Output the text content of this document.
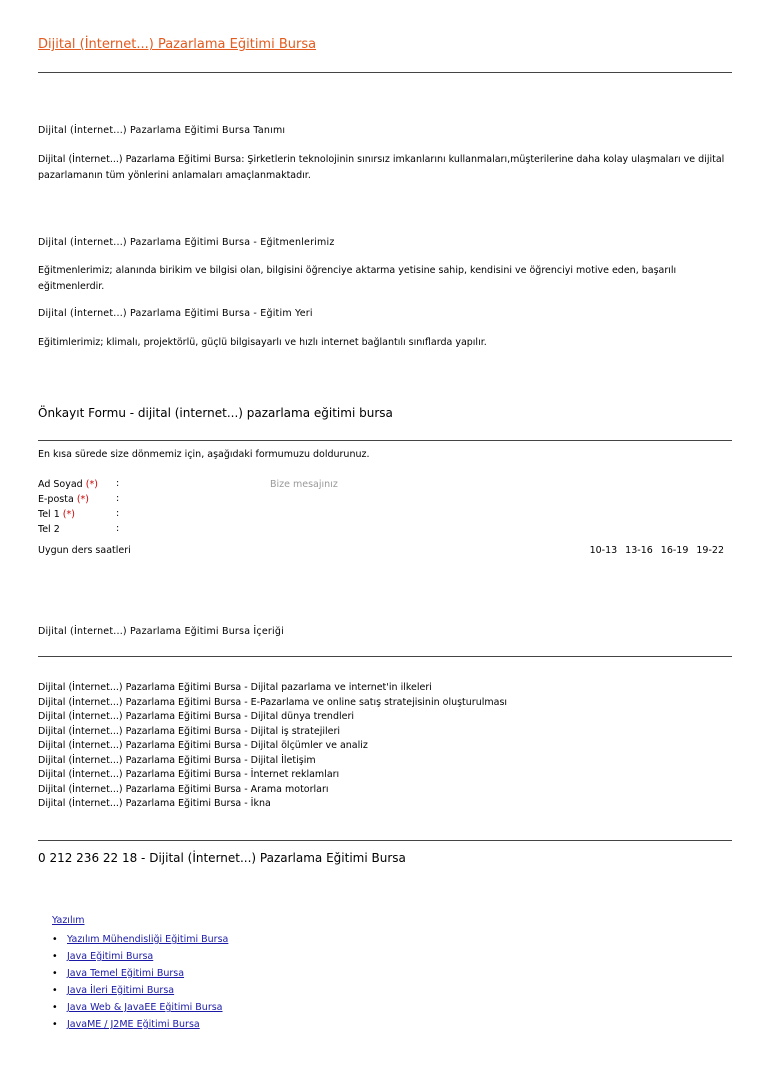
Dijital (İnternet...) Pazarlama Eğitimi Bursa
Dijital (İnternet...) Pazarlama Eğitimi Bursa Tanımı
Dijital (İnternet...) Pazarlama Eğitimi Bursa: Şirketlerin teknolojinin sınırsız imkanlarını kullanmaları,müşterilerine daha kolay ulaşmaları ve dijital pazarlamanın tüm yönlerini anlamaları amaçlanmaktadır.
Dijital (İnternet...) Pazarlama Eğitimi Bursa - Eğitmenlerimiz
Eğitmenlerimiz; alanında birikim ve bilgisi olan, bilgisini öğrenciye aktarma yetisine sahip, kendisini ve öğrenciyi motive eden, başarılı eğitmenlerdir.
Dijital (İnternet...) Pazarlama Eğitimi Bursa - Eğitim Yeri
Eğitimlerimiz; klimalı, projektörlü, güçlü bilgisayarlı ve hızlı internet bağlantılı sınıflarda yapılır.
Önkayıt Formu - dijital (internet...) pazarlama eğitimi bursa
En kısa sürede size dönmemiz için, aşağıdaki formumuzu doldurunuz.
Ad Soyad (*) :
E-posta (*)	:
Tel 1 (*)	:
Tel 2	:
Bize mesajınız
Uygun ders saatleri	10-13 13-16 16-19 19-22
Dijital (İnternet...) Pazarlama Eğitimi Bursa İçeriği
Dijital (İnternet...) Pazarlama Eğitimi Bursa - Dijital pazarlama ve internet'in ilkeleri
Dijital (İnternet...) Pazarlama Eğitimi Bursa - E-Pazarlama ve online satış stratejisinin oluşturulması
Dijital (İnternet...) Pazarlama Eğitimi Bursa - Dijital dünya trendleri
Dijital (İnternet...) Pazarlama Eğitimi Bursa - Dijital iş stratejileri
Dijital (İnternet...) Pazarlama Eğitimi Bursa - Dijital ölçümler ve analiz
Dijital (İnternet...) Pazarlama Eğitimi Bursa - Dijital İletişim
Dijital (İnternet...) Pazarlama Eğitimi Bursa - İnternet reklamları
Dijital (İnternet...) Pazarlama Eğitimi Bursa - Arama motorları
Dijital (İnternet...) Pazarlama Eğitimi Bursa - İkna
0 212 236 22 18 - Dijital (İnternet...) Pazarlama Eğitimi Bursa
Yazılım
• Yazılım Mühendisliği Eğitimi Bursa
• Java Eğitimi Bursa
• Java Temel Eğitimi Bursa
• Java İleri Eğitimi Bursa
• Java Web & JavaEE Eğitimi Bursa
• JavaME / J2ME Eğitimi Bursa
